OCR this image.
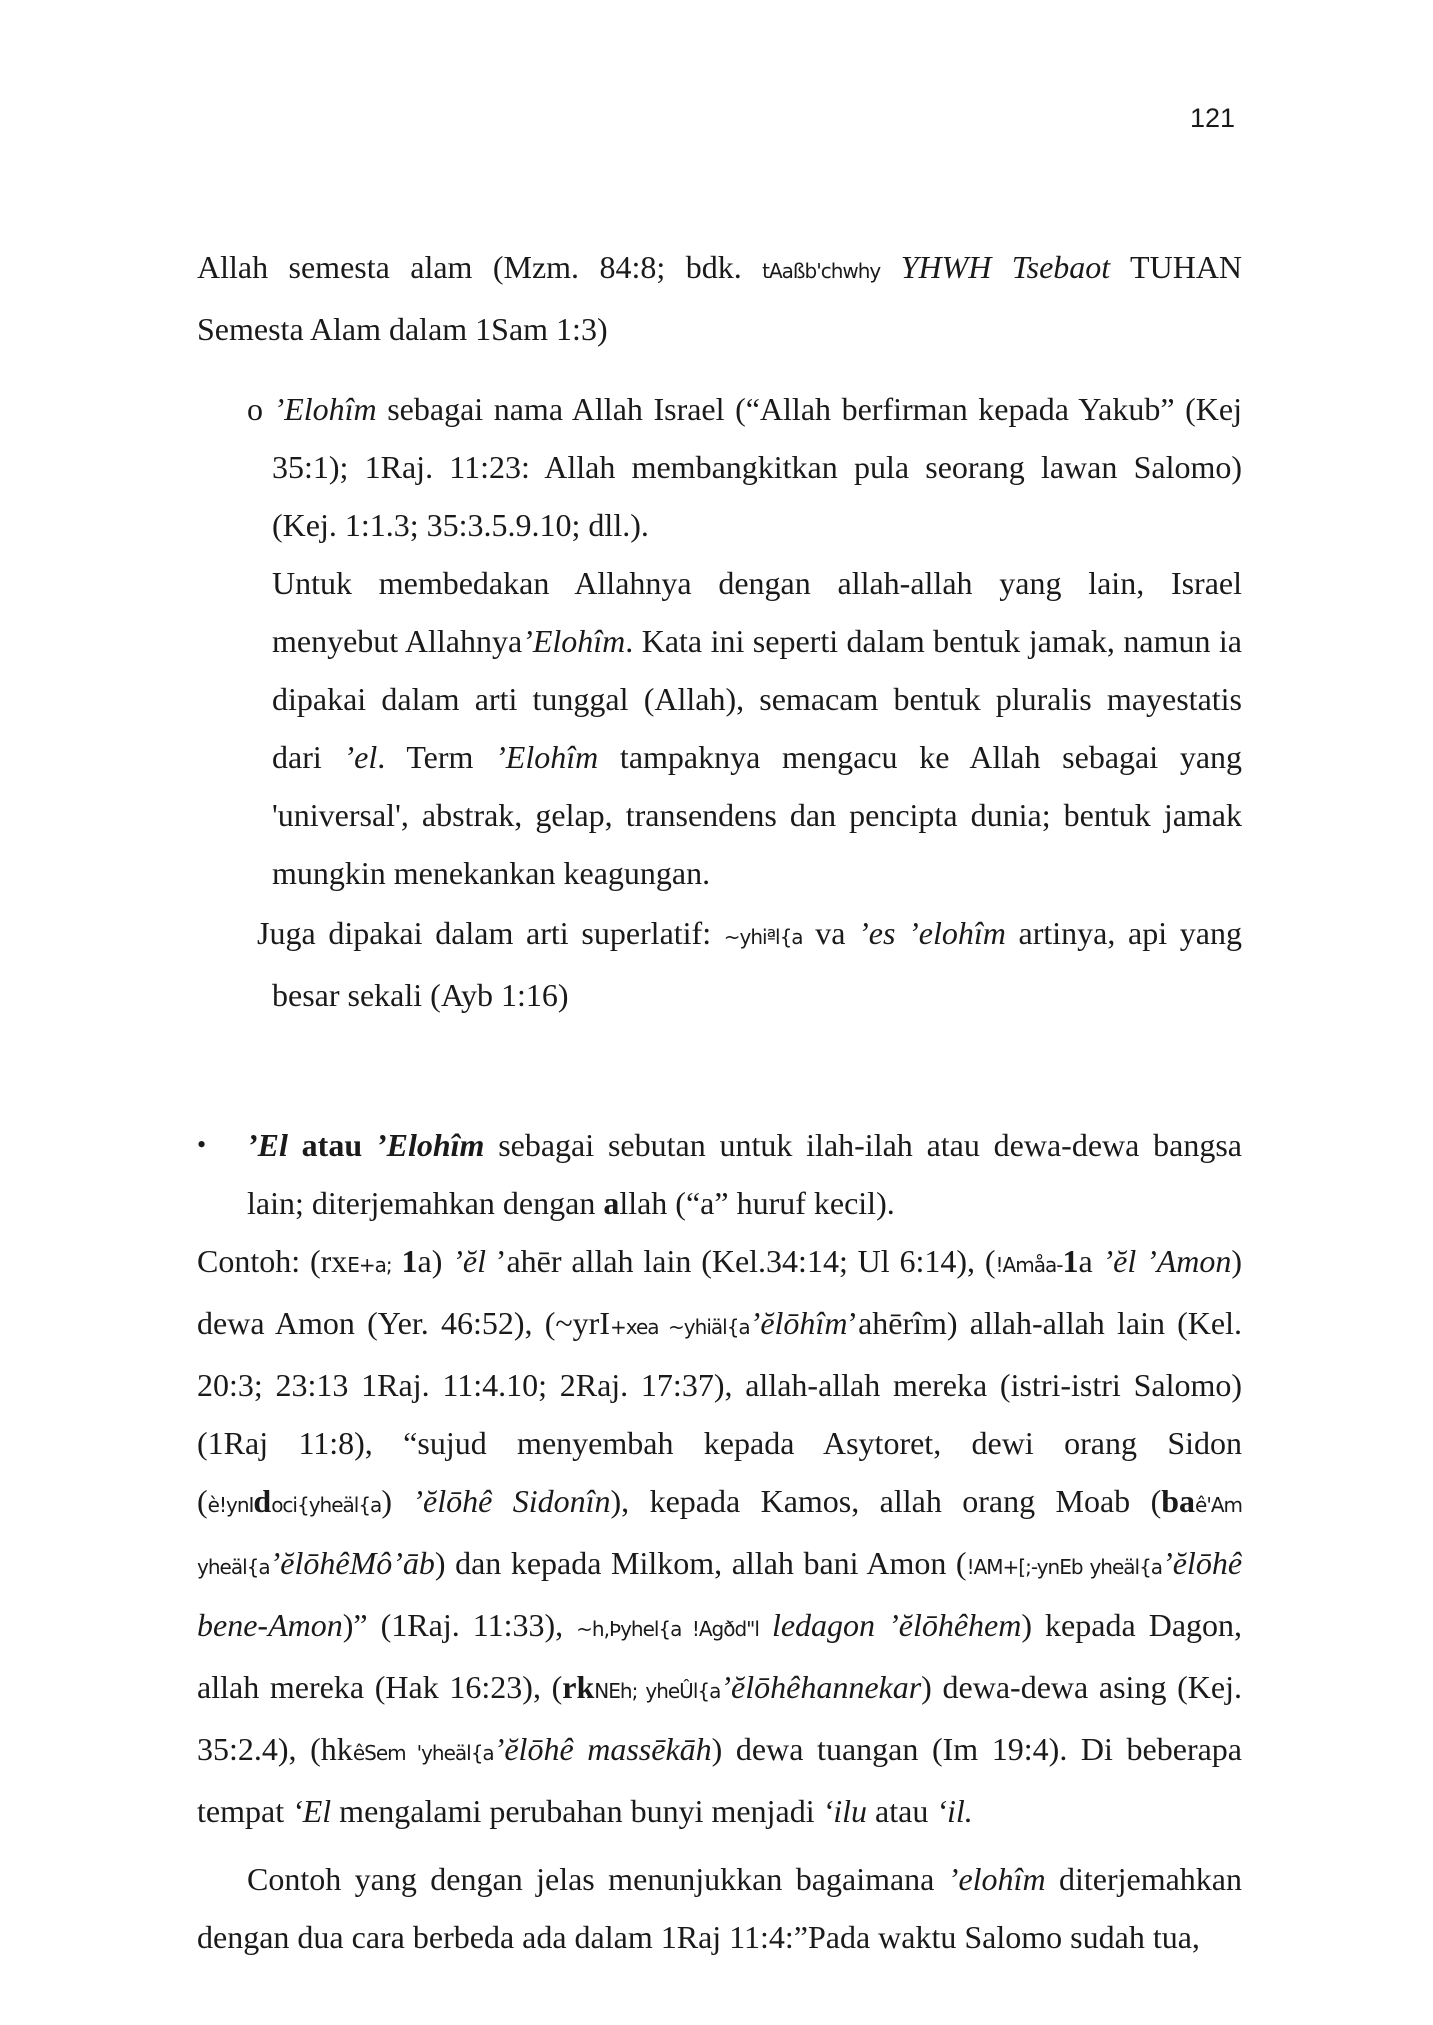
121

Allah semesta alam (Mzm. 84:8; bdk. tAaßb'chwhy YHWH Tsebaot TUHAN Semesta Alam dalam 1Sam 1:3)

o ’Elohîm sebagai nama Allah Israel (“Allah berfirman kepada Yakub” (Kej 35:1); 1Raj. 11:23: Allah membangkitkan pula seorang lawan Salomo) (Kej. 1:1.3; 35:3.5.9.10; dll.).

Untuk membedakan Allahnya dengan allah-allah yang lain, Israel menyebut Allahnya’Elohîm. Kata ini seperti dalam bentuk jamak, namun ia dipakai dalam arti tunggal (Allah), semacam bentuk pluralis mayestatis dari ’el. Term ’Elohîm tampaknya mengacu ke Allah sebagai yang 'universal', abstrak, gelap, transendens dan pencipta dunia; bentuk jamak mungkin menekankan keagungan.

Juga dipakai dalam arti superlatif: ~yhiªl{a va ’es ’elohîm artinya, api yang besar sekali (Ayb 1:16)

• ’El atau ’Elohîm sebagai sebutan untuk ilah-ilah atau dewa-dewa bangsa lain; diterjemahkan dengan allah (“a” huruf kecil).

Contoh: (rxE+a; 1a) ’ĕl ’ahēr allah lain (Kel.34:14; Ul 6:14), (!Amåa-1a ’ĕl ’Amon) dewa Amon (Yer. 46:52), (~yrI+xea ~yhiäl{a’ĕlōhîm’ahērîm) allah-allah lain (Kel. 20:3; 23:13 1Raj. 11:4.10; 2Raj. 17:37), allah-allah mereka (istri-istri Salomo) (1Raj 11:8), “sujud menyembah kepada Asytoret, dewi orang Sidon (è!ynIdoci{yheäl{a) ’ĕlōhê Sidonîn), kepada Kamos, allah orang Moab (baê'Am yheäl{a’ĕlōhêMô’āb) dan kepada Milkom, allah bani Amon (!AM+[;-ynEb yheäl{a’ĕlōhê bene-Amon)” (1Raj. 11:33), ~h,Þyhel{a !Agðd"l ledagon ’ĕlōhêhem) kepada Dagon, allah mereka (Hak 16:23), (rkNEh; yheÛl{a’ĕlōhêhannekar) dewa-dewa asing (Kej. 35:2.4), (hkêSem 'yheäl{a’ĕlōhê massēkāh) dewa tuangan (Im 19:4). Di beberapa tempat ‘El mengalami perubahan bunyi menjadi ‘ilu atau ‘il.

Contoh yang dengan jelas menunjukkan bagaimana ’elohîm diterjemahkan dengan dua cara berbeda ada dalam 1Raj 11:4:”Pada waktu Salomo sudah tua,
